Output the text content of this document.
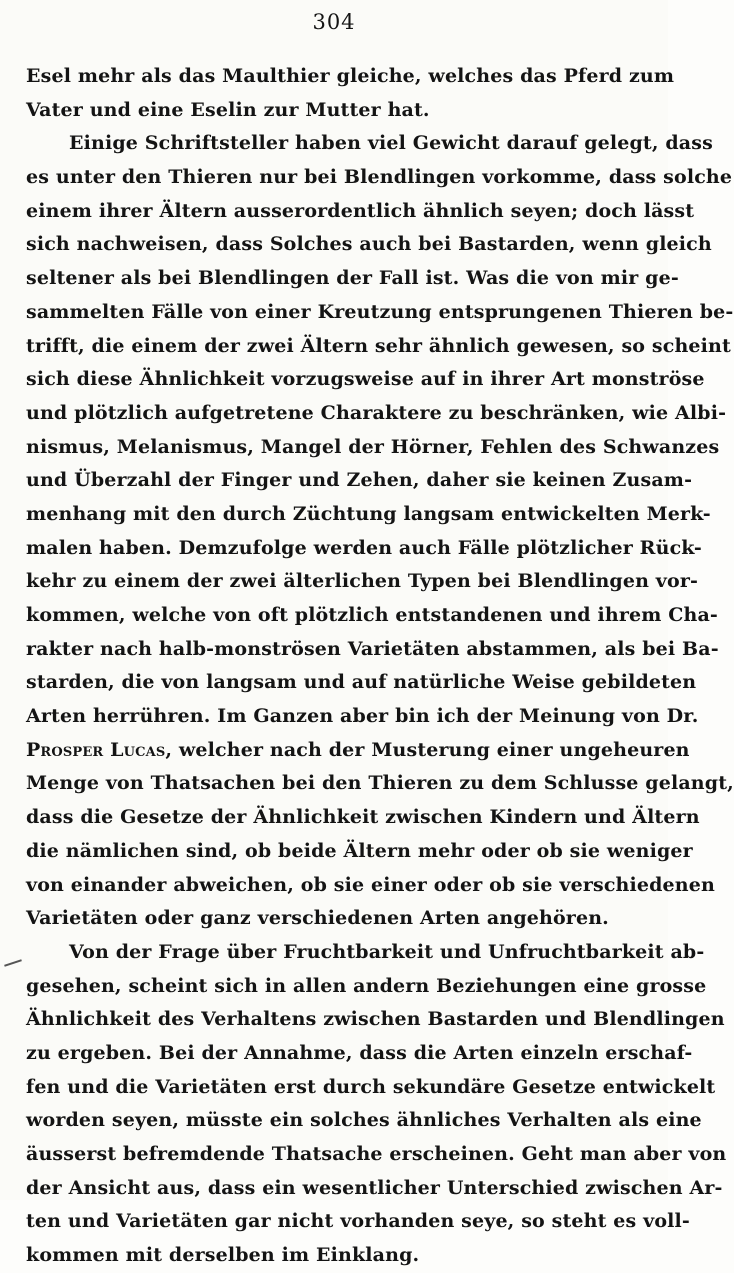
304
Esel mehr als das Maulthier gleiche, welches das Pferd zum
Vater und eine Eselin zur Mutter hat.
Einige Schriftsteller haben viel Gewicht darauf gelegt, dass
es unter den Thieren nur bei Blendlingen vorkomme, dass solche
einem ihrer Ältern ausserordentlich ähnlich seyen; doch lässt
sich nachweisen, dass Solches auch bei Bastarden, wenn gleich
seltener als bei Blendlingen der Fall ist. Was die von mir ge-
sammelten Fälle von einer Kreutzung entsprungenen Thieren be-
trifft, die einem der zwei Ältern sehr ähnlich gewesen, so scheint
sich diese Ähnlichkeit vorzugsweise auf in ihrer Art monströse
und plötzlich aufgetretene Charaktere zu beschränken, wie Albi-
nismus, Melanismus, Mangel der Hörner, Fehlen des Schwanzes
und Überzahl der Finger und Zehen, daher sie keinen Zusam-
menhang mit den durch Züchtung langsam entwickelten Merk-
malen haben. Demzufolge werden auch Fälle plötzlicher Rück-
kehr zu einem der zwei älterlichen Typen bei Blendlingen vor-
kommen, welche von oft plötzlich entstandenen und ihrem Cha-
rakter nach halb-monströsen Varietäten abstammen, als bei Ba-
starden, die von langsam und auf natürliche Weise gebildeten
Arten herrühren. Im Ganzen aber bin ich der Meinung von Dr.
Prosper Lucas, welcher nach der Musterung einer ungeheuren
Menge von Thatsachen bei den Thieren zu dem Schlusse gelangt,
dass die Gesetze der Ähnlichkeit zwischen Kindern und Ältern
die nämlichen sind, ob beide Ältern mehr oder ob sie weniger
von einander abweichen, ob sie einer oder ob sie verschiedenen
Varietäten oder ganz verschiedenen Arten angehören.
Von der Frage über Fruchtbarkeit und Unfruchtbarkeit ab-
gesehen, scheint sich in allen andern Beziehungen eine grosse
Ähnlichkeit des Verhaltens zwischen Bastarden und Blendlingen
zu ergeben. Bei der Annahme, dass die Arten einzeln erschaf-
fen und die Varietäten erst durch sekundäre Gesetze entwickelt
worden seyen, müsste ein solches ähnliches Verhalten als eine
äusserst befremdende Thatsache erscheinen. Geht man aber von
der Ansicht aus, dass ein wesentlicher Unterschied zwischen Ar-
ten und Varietäten gar nicht vorhanden seye, so steht es voll-
kommen mit derselben im Einklang.
